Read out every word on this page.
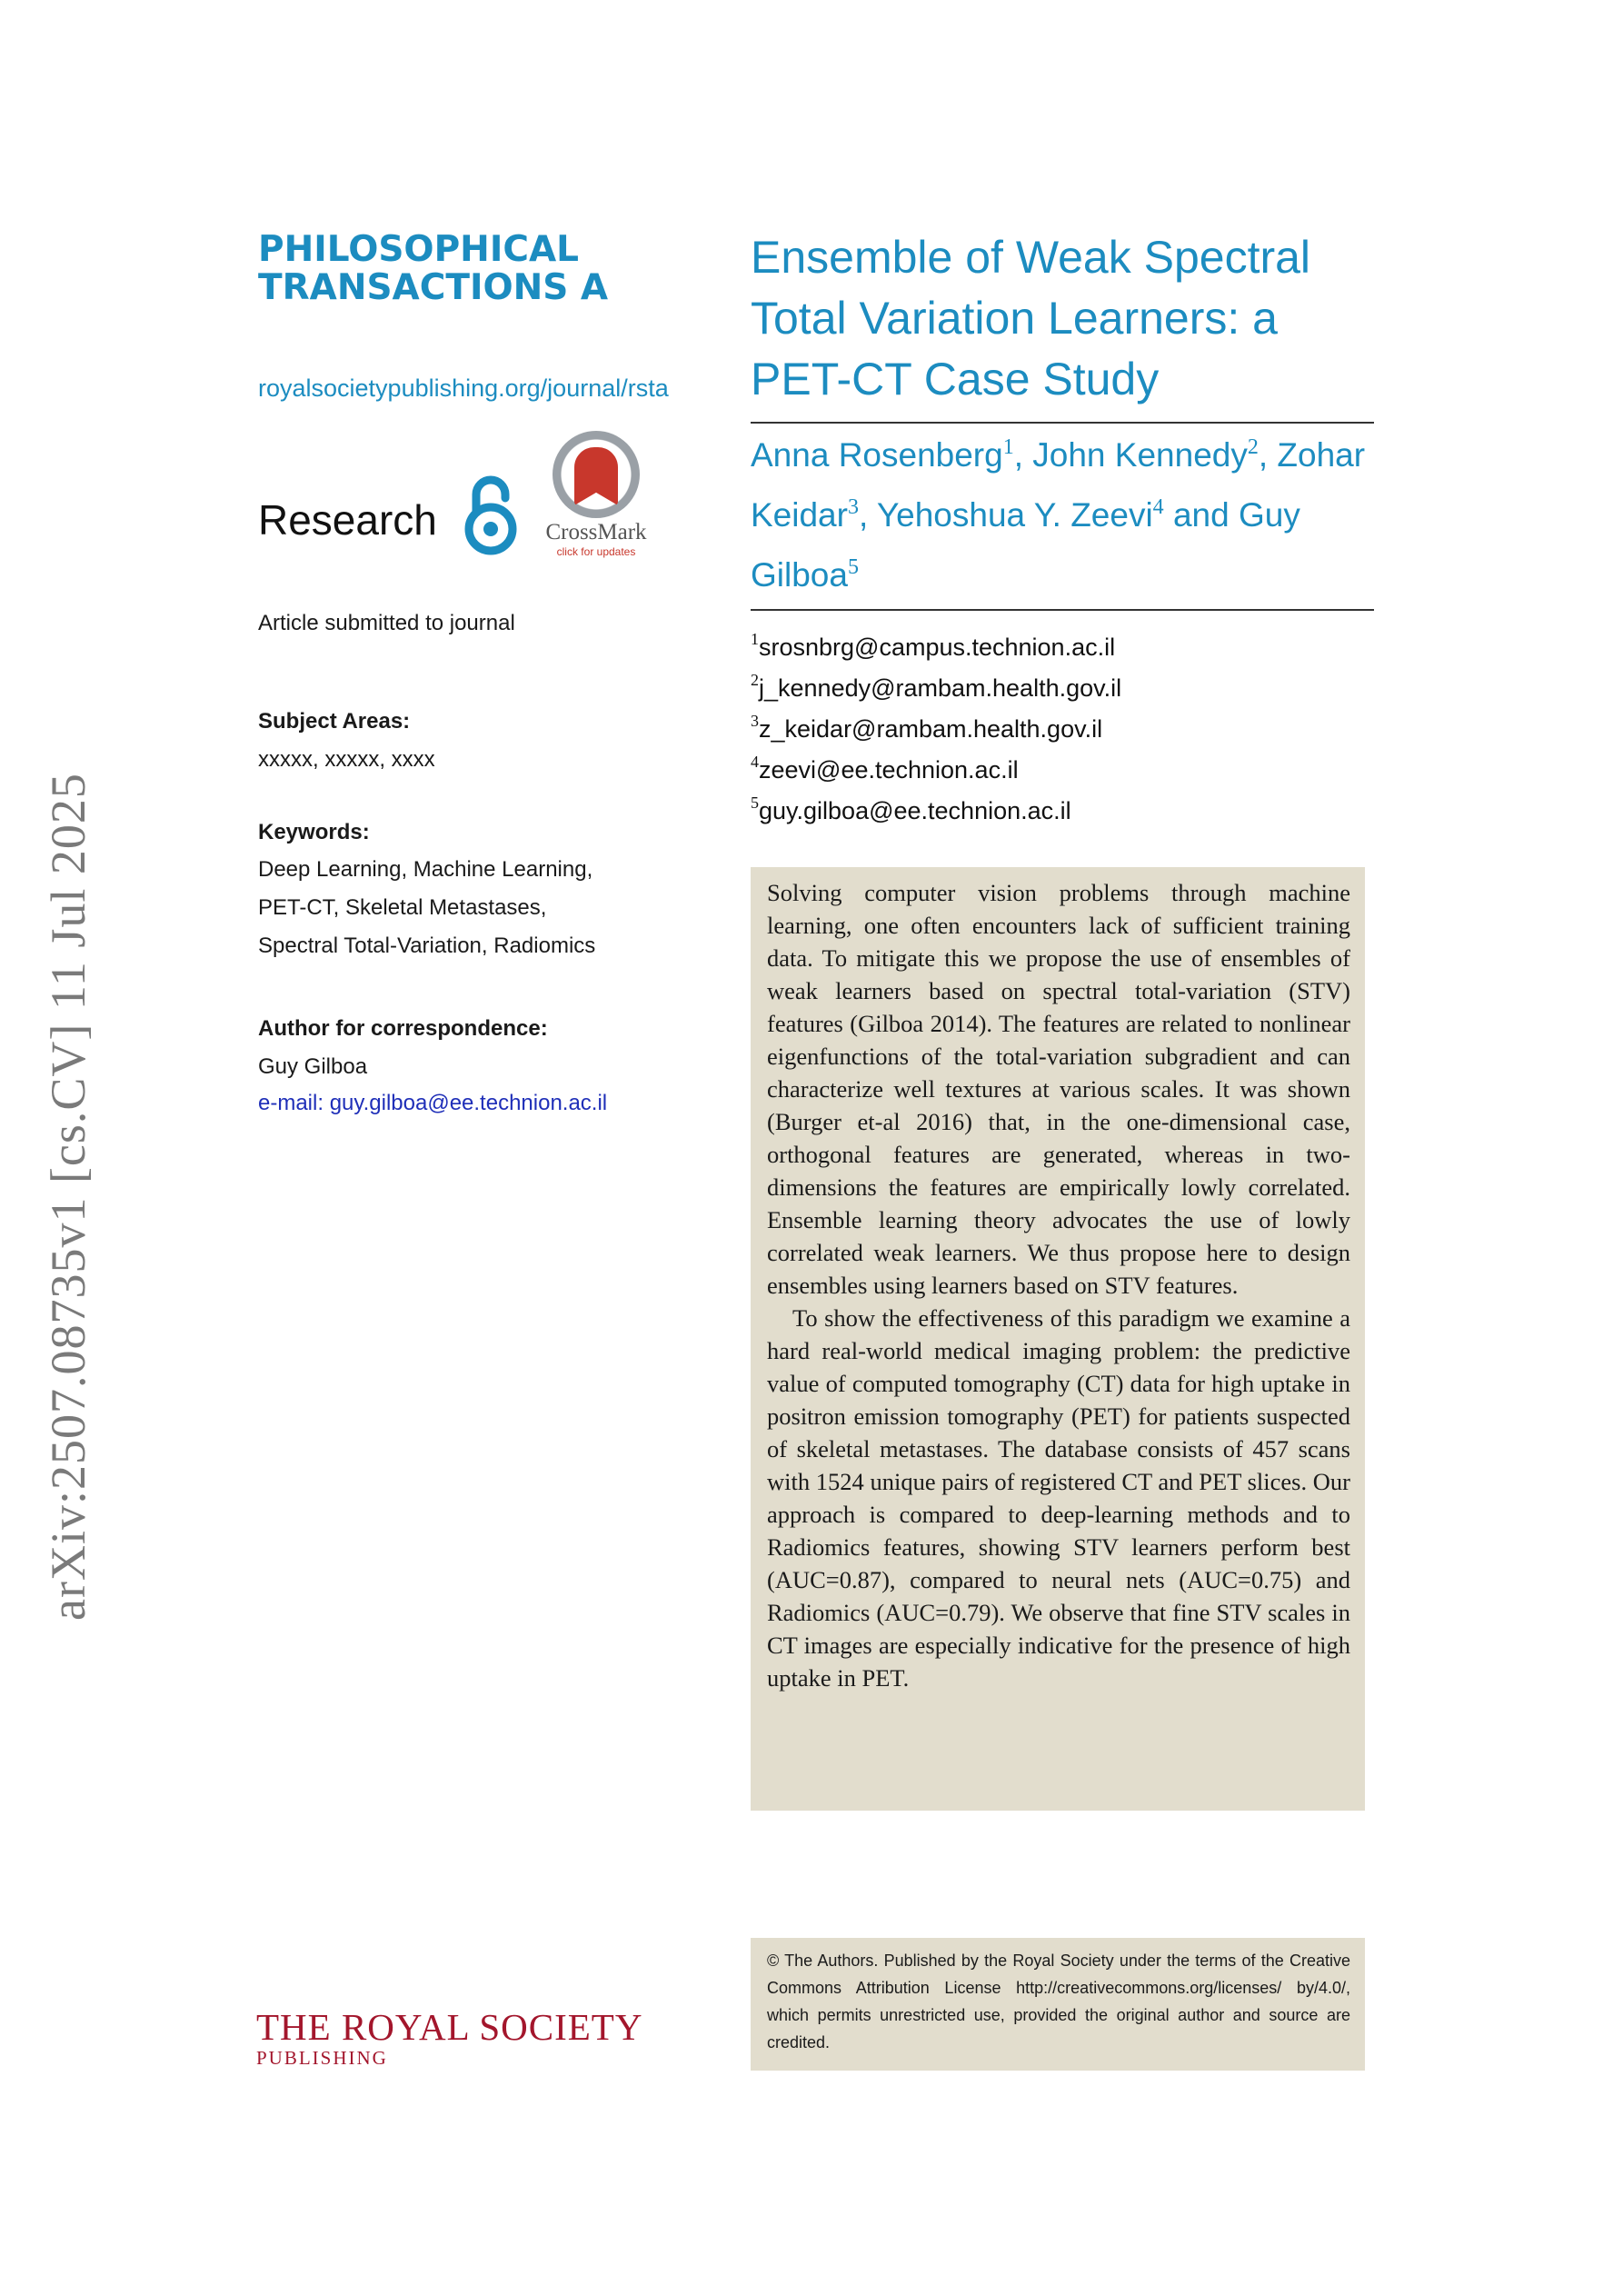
arXiv:2507.08735v1 [cs.CV] 11 Jul 2025
PHILOSOPHICAL
TRANSACTIONS A
royalsocietypublishing.org/journal/rsta
Research	CrossMark
click for updates
Article submitted to journal
Subject Areas:
xxxxx, xxxxx, xxxx
Keywords:
Deep Learning, Machine Learning,
PET-CT, Skeletal Metastases,
Spectral Total-Variation, Radiomics
Author for correspondence:
Guy Gilboa
e-mail: guy.gilboa@ee.technion.ac.il
THE ROYAL SOCIETY
PUBLISHING
Ensemble of Weak Spectral
Total Variation Learners: a
PET-CT Case Study
Anna Rosenberg$^1$, John Kennedy$^2$, Zohar
Keidar$^3$, Yehoshua Y. Zeevi$^4$ and Guy
Gilboa$^5$
$^1$srosnbrg@campus.technion.ac.il
$^2$j_kennedy@rambam.health.gov.il
$^3$z_keidar@rambam.health.gov.il
$^4$zeevi@ee.technion.ac.il
$^5$guy.gilboa@ee.technion.ac.il

Solving computer vision problems through machine learning, one often encounters lack of sufficient training data. To mitigate this we propose the use of ensembles of weak learners based on spectral total-variation (STV) features (Gilboa 2014). The features are related to nonlinear eigenfunctions of the total-variation subgradient and can characterize well textures at various scales. It was shown (Burger et-al 2016) that, in the one-dimensional case, orthogonal features are generated, whereas in two-dimensions the features are empirically lowly correlated. Ensemble learning theory advocates the use of lowly correlated weak learners. We thus propose here to design ensembles using learners based on STV features.

To show the effectiveness of this paradigm we examine a hard real-world medical imaging problem: the predictive value of computed tomography (CT) data for high uptake in positron emission tomography (PET) for patients suspected of skeletal metastases. The database consists of 457 scans with 1524 unique pairs of registered CT and PET slices. Our approach is compared to deep-learning methods and to Radiomics features, showing STV learners perform best (AUC=0.87), compared to neural nets (AUC=0.75) and Radiomics (AUC=0.79). We observe that fine STV scales in CT images are especially indicative for the presence of high uptake in PET.

© The Authors. Published by the Royal Society under the terms of the Creative Commons Attribution License http://creativecommons.org/licenses/ by/4.0/, which permits unrestricted use, provided the original author and source are credited.
